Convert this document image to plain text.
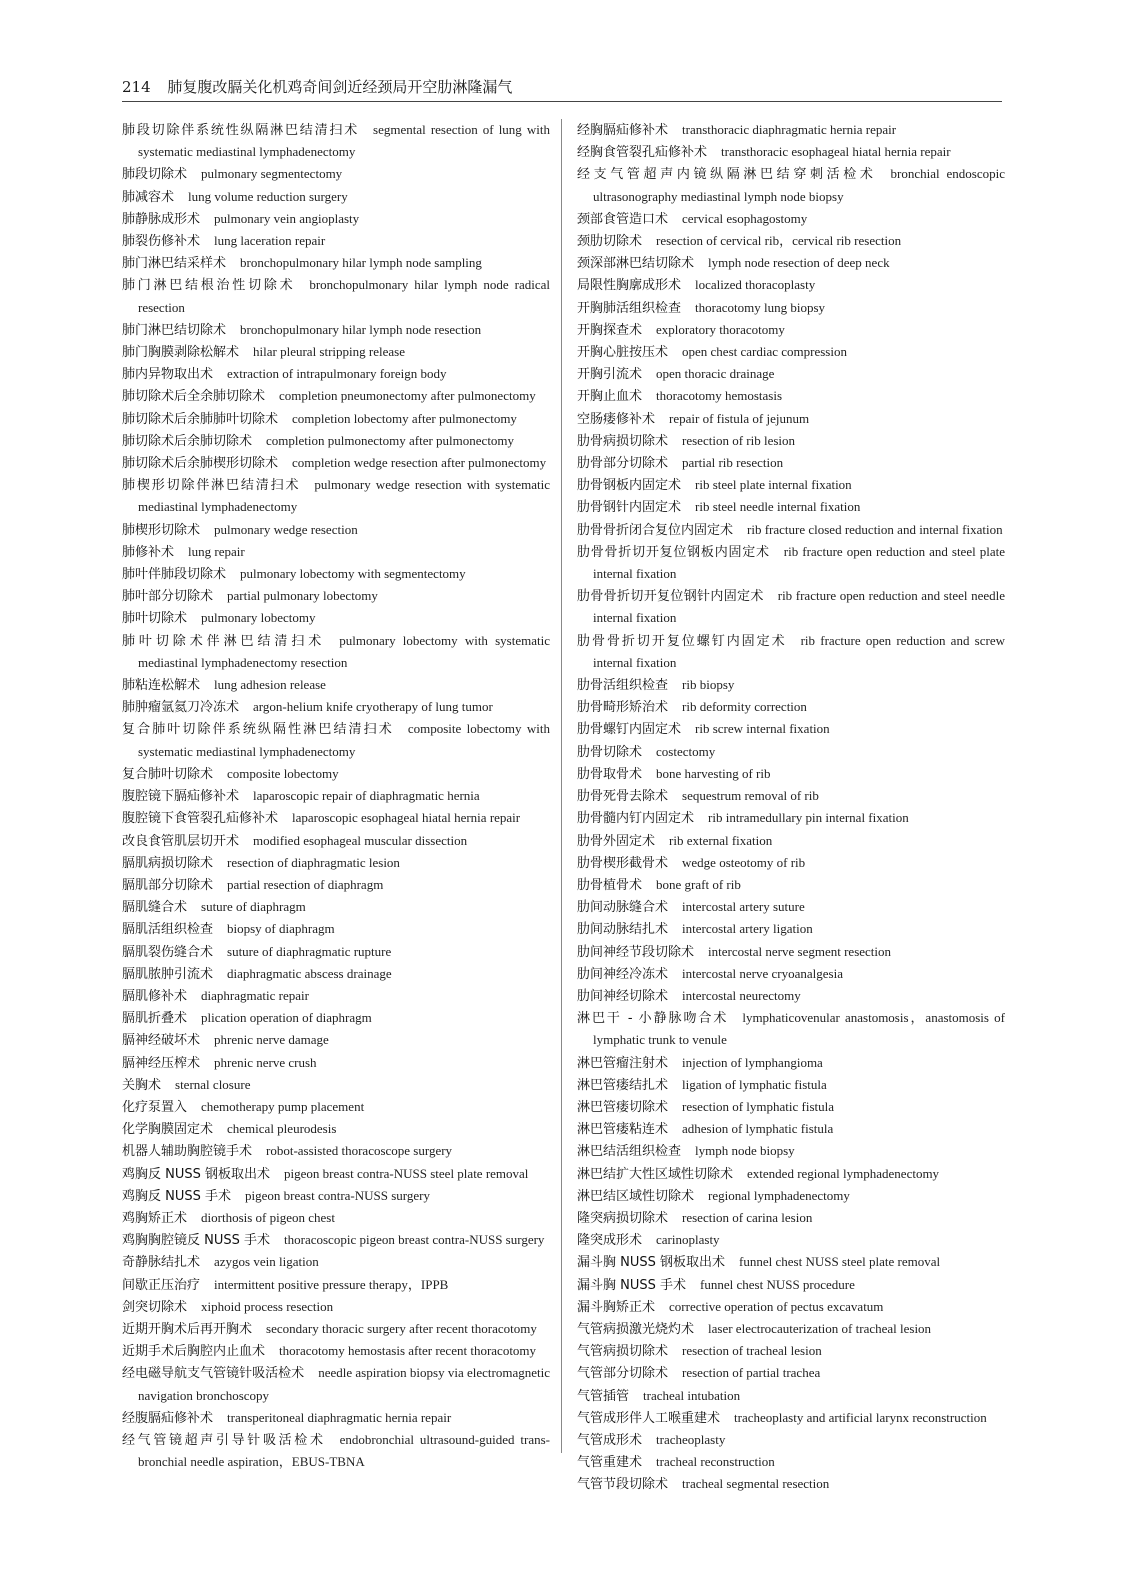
214 肺复腹改膈关化机鸡奇间剑近经颈局开空肋淋隆漏气
肺段切除伴系统性纵隔淋巴结清扫术 segmental resection of lung with systematic mediastinal lymphadenectomy
肺段切除术 pulmonary segmentectomy
肺减容术 lung volume reduction surgery
肺静脉成形术 pulmonary vein angioplasty
肺裂伤修补术 lung laceration repair
肺门淋巴结采样术 bronchopulmonary hilar lymph node sampling
肺门淋巴结根治性切除术 bronchopulmonary hilar lymph node radical resection
肺门淋巴结切除术 bronchopulmonary hilar lymph node resection
肺门胸膜剥除松解术 hilar pleural stripping release
肺内异物取出术 extraction of intrapulmonary foreign body
肺切除术后全余肺切除术 completion pneumonectomy after pulmonectomy
肺切除术后余肺肺叶切除术 completion lobectomy after pulmonectomy
肺切除术后余肺切除术 completion pulmonectomy after pulmonectomy
肺切除术后余肺楔形切除术 completion wedge resection after pulmonectomy
肺楔形切除伴淋巴结清扫术 pulmonary wedge resection with systematic mediastinal lymphadenectomy
肺楔形切除术 pulmonary wedge resection
肺修补术 lung repair
肺叶伴肺段切除术 pulmonary lobectomy with segmentectomy
肺叶部分切除术 partial pulmonary lobectomy
肺叶切除术 pulmonary lobectomy
肺叶切除术伴淋巴结清扫术 pulmonary lobectomy with systematic mediastinal lymphadenectomy resection
肺粘连松解术 lung adhesion release
肺肿瘤氩氦刀冷冻术 argon-helium knife cryotherapy of lung tumor
复合肺叶切除伴系统纵隔性淋巴结清扫术 composite lobectomy with systematic mediastinal lymphadenectomy
复合肺叶切除术 composite lobectomy
腹腔镜下膈疝修补术 laparoscopic repair of diaphragmatic hernia
腹腔镜下食管裂孔疝修补术 laparoscopic esophageal hiatal hernia repair
改良食管肌层切开术 modified esophageal muscular dissection
膈肌病损切除术 resection of diaphragmatic lesion
膈肌部分切除术 partial resection of diaphragm
膈肌缝合术 suture of diaphragm
膈肌活组织检查 biopsy of diaphragm
膈肌裂伤缝合术 suture of diaphragmatic rupture
膈肌脓肿引流术 diaphragmatic abscess drainage
膈肌修补术 diaphragmatic repair
膈肌折叠术 plication operation of diaphragm
膈神经破坏术 phrenic nerve damage
膈神经压榨术 phrenic nerve crush
关胸术 sternal closure
化疗泵置入 chemotherapy pump placement
化学胸膜固定术 chemical pleurodesis
机器人辅助胸腔镜手术 robot-assisted thoracoscope surgery
鸡胸反 NUSS 钢板取出术 pigeon breast contra-NUSS steel plate removal
鸡胸反 NUSS 手术 pigeon breast contra-NUSS surgery
鸡胸矫正术 diorthosis of pigeon chest
鸡胸胸腔镜反 NUSS 手术 thoracoscopic pigeon breast contra-NUSS surgery
奇静脉结扎术 azygos vein ligation
间歇正压治疗 intermittent positive pressure therapy，IPPB
剑突切除术 xiphoid process resection
近期开胸术后再开胸术 secondary thoracic surgery after recent thoracotomy
近期手术后胸腔内止血术 thoracotomy hemostasis after recent thoracotomy
经电磁导航支气管镜针吸活检术 needle aspiration biopsy via electromagnetic navigation bronchoscopy
经腹膈疝修补术 transperitoneal diaphragmatic hernia repair
经气管镜超声引导针吸活检术 endobronchial ultrasound-guided trans-bronchial needle aspiration，EBUS-TBNA
经胸膈疝修补术 transthoracic diaphragmatic hernia repair
经胸食管裂孔疝修补术 transthoracic esophageal hiatal hernia repair
经支气管超声内镜纵隔淋巴结穿刺活检术 bronchial endoscopic ultrasonography mediastinal lymph node biopsy
颈部食管造口术 cervical esophagostomy
颈肋切除术 resection of cervical rib，cervical rib resection
颈深部淋巴结切除术 lymph node resection of deep neck
局限性胸廓成形术 localized thoracoplasty
开胸肺活组织检查 thoracotomy lung biopsy
开胸探查术 exploratory thoracotomy
开胸心脏按压术 open chest cardiac compression
开胸引流术 open thoracic drainage
开胸止血术 thoracotomy hemostasis
空肠瘘修补术 repair of fistula of jejunum
肋骨病损切除术 resection of rib lesion
肋骨部分切除术 partial rib resection
肋骨钢板内固定术 rib steel plate internal fixation
肋骨钢针内固定术 rib steel needle internal fixation
肋骨骨折闭合复位内固定术 rib fracture closed reduction and internal fixation
肋骨骨折切开复位钢板内固定术 rib fracture open reduction and steel plate internal fixation
肋骨骨折切开复位钢针内固定术 rib fracture open reduction and steel needle internal fixation
肋骨骨折切开复位螺钉内固定术 rib fracture open reduction and screw internal fixation
肋骨活组织检查 rib biopsy
肋骨畸形矫治术 rib deformity correction
肋骨螺钉内固定术 rib screw internal fixation
肋骨切除术 costectomy
肋骨取骨术 bone harvesting of rib
肋骨死骨去除术 sequestrum removal of rib
肋骨髓内钉内固定术 rib intramedullary pin internal fixation
肋骨外固定术 rib external fixation
肋骨楔形截骨术 wedge osteotomy of rib
肋骨植骨术 bone graft of rib
肋间动脉缝合术 intercostal artery suture
肋间动脉结扎术 intercostal artery ligation
肋间神经节段切除术 intercostal nerve segment resection
肋间神经冷冻术 intercostal nerve cryoanalgesia
肋间神经切除术 intercostal neurectomy
淋巴干 - 小静脉吻合术 lymphaticovenular anastomosis，anastomosis of lymphatic trunk to venule
淋巴管瘤注射术 injection of lymphangioma
淋巴管瘘结扎术 ligation of lymphatic fistula
淋巴管瘘切除术 resection of lymphatic fistula
淋巴管瘘粘连术 adhesion of lymphatic fistula
淋巴结活组织检查 lymph node biopsy
淋巴结扩大性区域性切除术 extended regional lymphadenectomy
淋巴结区域性切除术 regional lymphadenectomy
隆突病损切除术 resection of carina lesion
隆突成形术 carinoplasty
漏斗胸 NUSS 钢板取出术 funnel chest NUSS steel plate removal
漏斗胸 NUSS 手术 funnel chest NUSS procedure
漏斗胸矫正术 corrective operation of pectus excavatum
气管病损激光烧灼术 laser electrocauterization of tracheal lesion
气管病损切除术 resection of tracheal lesion
气管部分切除术 resection of partial trachea
气管插管 tracheal intubation
气管成形伴人工喉重建术 tracheoplasty and artificial larynx reconstruction
气管成形术 tracheoplasty
气管重建术 tracheal reconstruction
气管节段切除术 tracheal segmental resection
